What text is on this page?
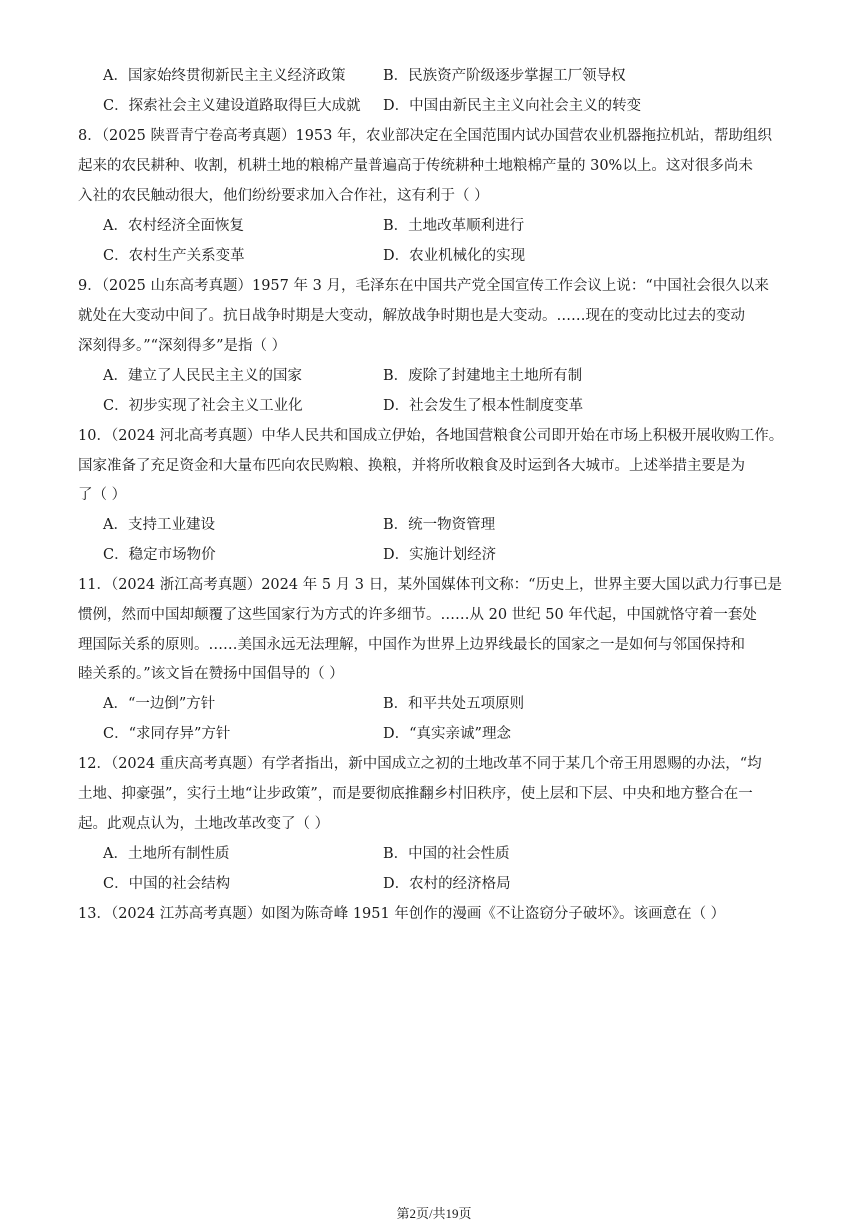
A．国家始终贯彻新民主主义经济政策	B．民族资产阶级逐步掌握工厂领导权
C．探索社会主义建设道路取得巨大成就 D．中国由新民主主义向社会主义的转变
8．（2025 陕晋青宁卷高考真题）1953 年，农业部决定在全国范围内试办国营农业机器拖拉机站，帮助组织
起来的农民耕种、收割，机耕土地的粮棉产量普遍高于传统耕种土地粮棉产量的 30%以上。这对很多尚未
入社的农民触动很大，他们纷纷要求加入合作社，这有利于（ ）
A．农村经济全面恢复	B．土地改革顺利进行
C．农村生产关系变革	D．农业机械化的实现
9．（2025 山东高考真题）1957 年 3 月，毛泽东在中国共产党全国宣传工作会议上说：“中国社会很久以来
就处在大变动中间了。抗日战争时期是大变动，解放战争时期也是大变动。……现在的变动比过去的变动
深刻得多。”“深刻得多”是指（ ）
A．建立了人民民主主义的国家	B．废除了封建地主土地所有制
C．初步实现了社会主义工业化	D．社会发生了根本性制度变革
10．（2024 河北高考真题）中华人民共和国成立伊始，各地国营粮食公司即开始在市场上积极开展收购工作。
国家准备了充足资金和大量布匹向农民购粮、换粮，并将所收粮食及时运到各大城市。上述举措主要是为
了（ ）
A．支持工业建设	B．统一物资管理
C．稳定市场物价	D．实施计划经济
11．（2024 浙江高考真题）2024 年 5 月 3 日，某外国媒体刊文称：“历史上，世界主要大国以武力行事已是
惯例，然而中国却颠覆了这些国家行为方式的许多细节。……从 20 世纪 50 年代起，中国就恪守着一套处
理国际关系的原则。……美国永远无法理解，中国作为世界上边界线最长的国家之一是如何与邻国保持和
睦关系的。”该文旨在赞扬中国倡导的（ ）
A．“一边倒”方针	B．和平共处五项原则
C．“求同存异”方针	D．“真实亲诚”理念
12．（2024 重庆高考真题）有学者指出，新中国成立之初的土地改革不同于某几个帝王用恩赐的办法，“均
土地、抑豪强”，实行土地“让步政策”，而是要彻底推翻乡村旧秩序，使上层和下层、中央和地方整合在一
起。此观点认为，土地改革改变了（ ）
A．土地所有制性质	B．中国的社会性质
C．中国的社会结构	D．农村的经济格局
13．（2024 江苏高考真题）如图为陈奇峰 1951 年创作的漫画《不让盗窃分子破坏》。该画意在（ ）
第2页/共19页
